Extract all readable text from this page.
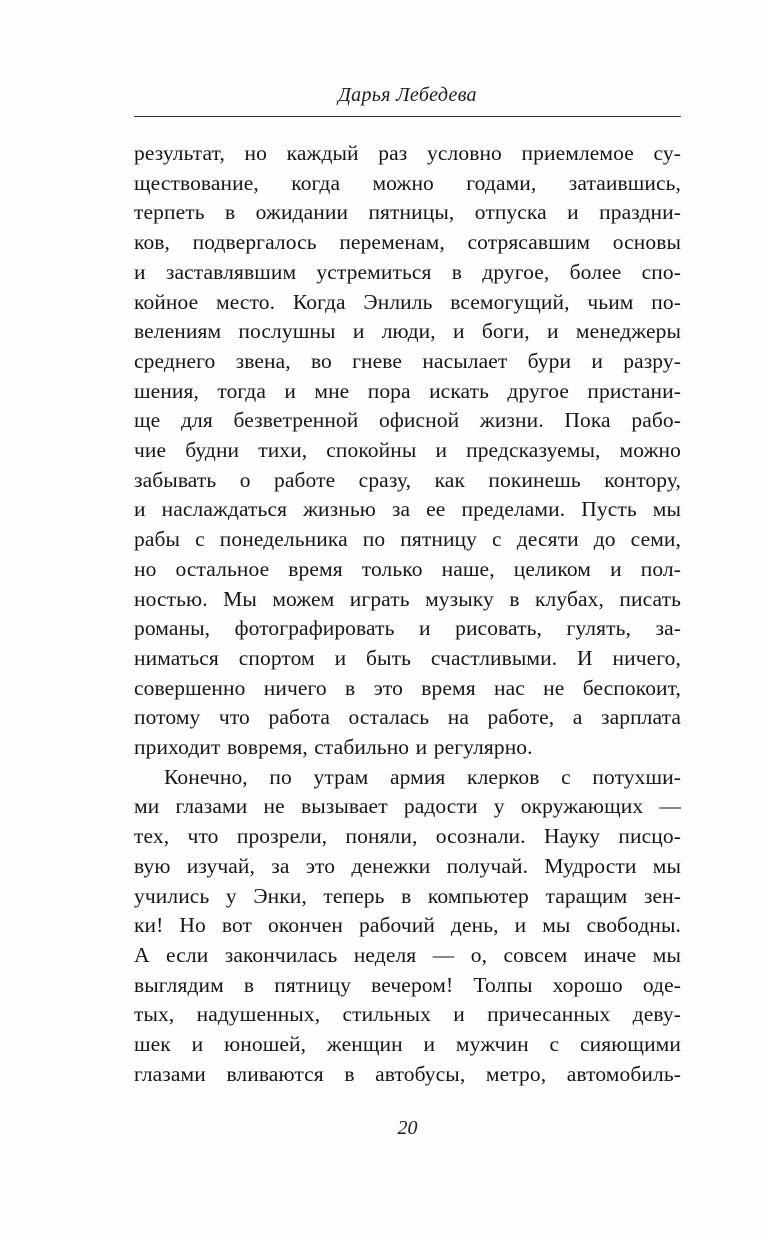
Дарья Лебедева
результат, но каждый раз условно приемлемое су-
ществование, когда можно годами, затаившись,
терпеть в ожидании пятницы, отпуска и праздни-
ков, подвергалось переменам, сотрясавшим основы
и заставлявшим устремиться в другое, более спо-
койное место. Когда Энлиль всемогущий, чьим по-
велениям послушны и люди, и боги, и менеджеры
среднего звена, во гневе насылает бури и разру-
шения, тогда и мне пора искать другое пристани-
ще для безветренной офисной жизни. Пока рабо-
чие будни тихи, спокойны и предсказуемы, можно
забывать о работе сразу, как покинешь контору,
и наслаждаться жизнью за ее пределами. Пусть мы
рабы с понедельника по пятницу с десяти до семи,
но остальное время только наше, целиком и пол-
ностью. Мы можем играть музыку в клубах, писать
романы, фотографировать и рисовать, гулять, за-
ниматься спортом и быть счастливыми. И ничего,
совершенно ничего в это время нас не беспокоит,
потому что работа осталась на работе, а зарплата
приходит вовремя, стабильно и регулярно.
Конечно, по утрам армия клерков с потухши-
ми глазами не вызывает радости у окружающих —
тех, что прозрели, поняли, осознали. Науку писцо-
вую изучай, за это денежки получай. Мудрости мы
учились у Энки, теперь в компьютер таращим зен-
ки! Но вот окончен рабочий день, и мы свободны.
А если закончилась неделя — о, совсем иначе мы
выглядим в пятницу вечером! Толпы хорошо оде-
тых, надушенных, стильных и причесанных деву-
шек и юношей, женщин и мужчин с сияющими
глазами вливаются в автобусы, метро, автомобиль-
20
